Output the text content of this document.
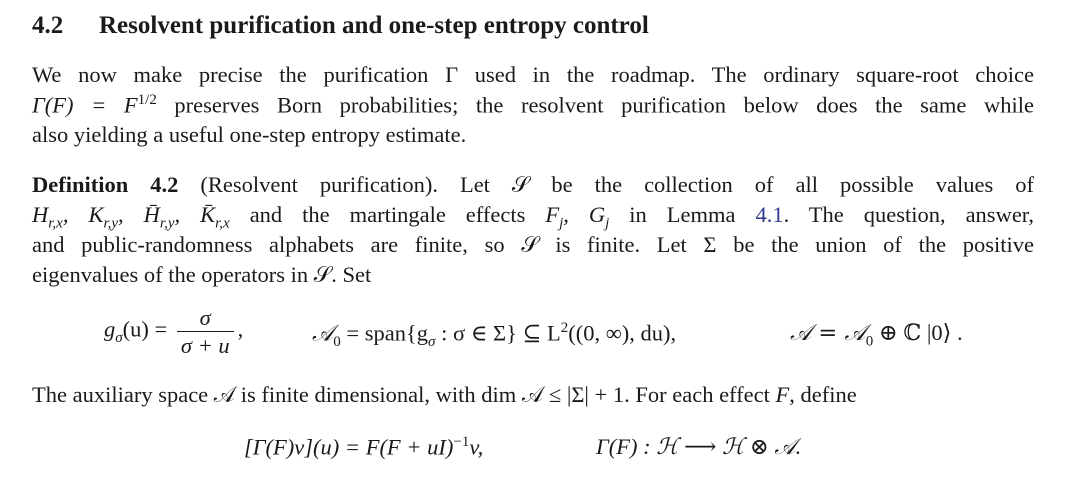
4.2 Resolvent purification and one-step entropy control
We now make precise the purification Γ used in the roadmap. The ordinary square-root choice
$\Gamma(F) = F^{1/2}$ preserves Born probabilities; the resolvent purification below does the same while
also yielding a useful one-step entropy estimate.
Definition 4.2 (Resolvent purification). Let 𝒮 be the collection of all possible values of
$H_{r,x}$, $K_{r,y}$, $H̄_{r,y}$, $K̄_{r,x}$ and the martingale effects $F_j$, $G_j$ in Lemma 4.1. The question, answer,
and public-randomness alphabets are finite, so 𝒮 is finite. Let Σ be the union of the positive
eigenvalues of the operators in 𝒮. Set
$g_\sigma(u) = \frac{\sigma}{\sigma + u}$ ,	𝒜$_0$ = $span\{g_\sigma$ : σ ∈ Σ} ⊆ $L^2((0$, ∞), du),	𝒜 = 𝒜$_0$ ⊕ ℂ |0⟩ .
The auxiliary space 𝒜 is finite dimensional, with dim 𝒜 ≤ |Σ| + 1. For each effect F, define
[Γ(F)v](u) = F(F + uI)$^{-1}$v,	Γ(F) : ℋ ⟶ ℋ ⊗ 𝒜.
